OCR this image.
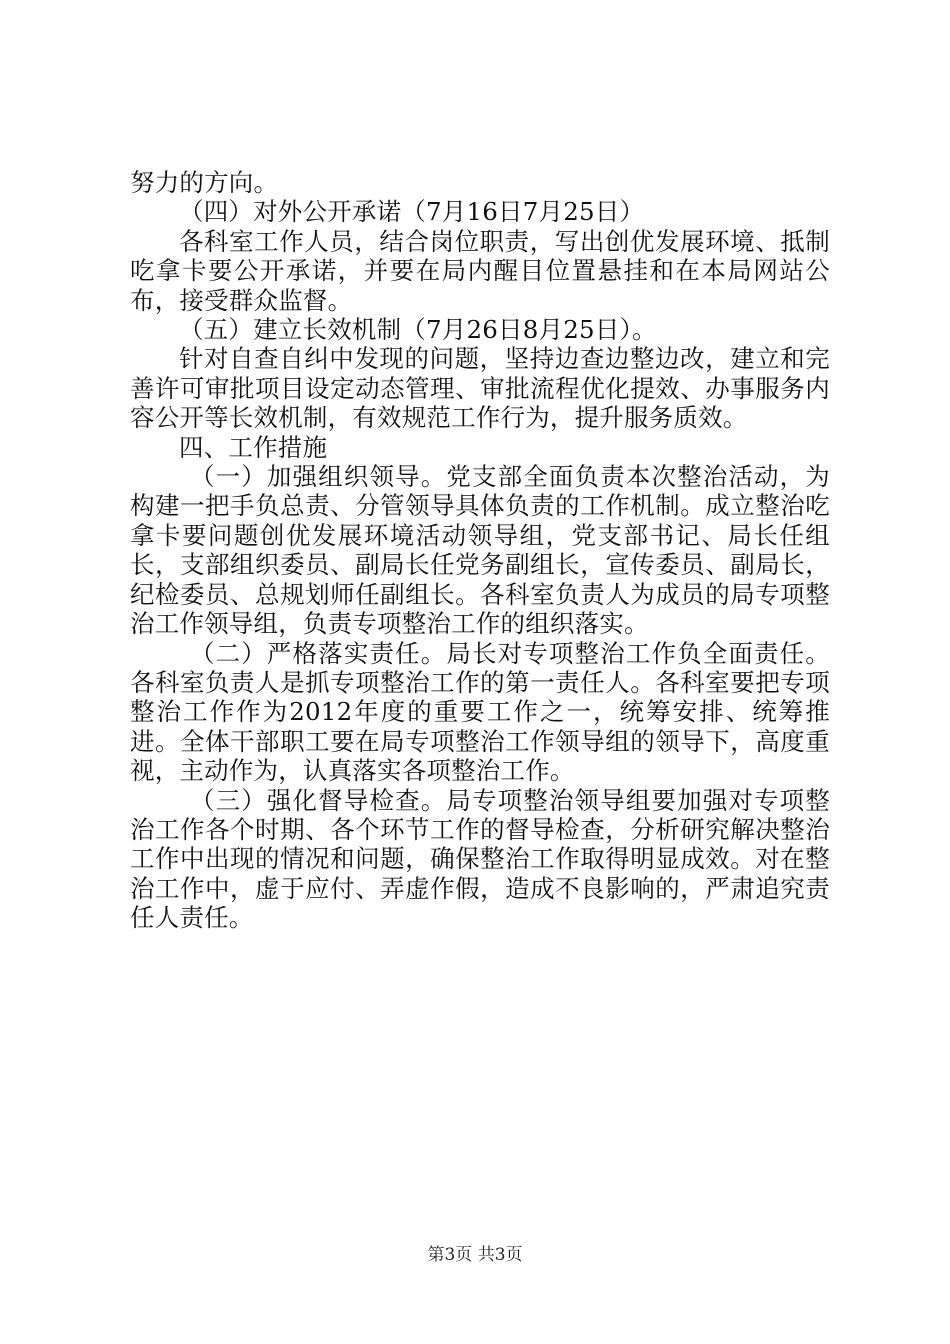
努力的方向。

（四）对外公开承诺（7月16日7月25日）

各科室工作人员，结合岗位职责，写出创优发展环境、抵制吃拿卡要公开承诺，并要在局内醒目位置悬挂和在本局网站公布，接受群众监督。

（五）建立长效机制（7月26日8月25日）。

针对自查自纠中发现的问题，坚持边查边整边改，建立和完善许可审批项目设定动态管理、审批流程优化提效、办事服务内容公开等长效机制，有效规范工作行为，提升服务质效。

四、工作措施

（一）加强组织领导。党支部全面负责本次整治活动，为构建一把手负总责、分管领导具体负责的工作机制。成立整治吃拿卡要问题创优发展环境活动领导组，党支部书记、局长任组长，支部组织委员、副局长任党务副组长，宣传委员、副局长，纪检委员、总规划师任副组长。各科室负责人为成员的局专项整治工作领导组，负责专项整治工作的组织落实。

（二）严格落实责任。局长对专项整治工作负全面责任。各科室负责人是抓专项整治工作的第一责任人。各科室要把专项整治工作作为2012年度的重要工作之一，统筹安排、统筹推进。全体干部职工要在局专项整治工作领导组的领导下，高度重视，主动作为，认真落实各项整治工作。

（三）强化督导检查。局专项整治领导组要加强对专项整治工作各个时期、各个环节工作的督导检查，分析研究解决整治工作中出现的情况和问题，确保整治工作取得明显成效。对在整治工作中，虚于应付、弄虚作假，造成不良影响的，严肃追究责任人责任。

第3页 共3页
